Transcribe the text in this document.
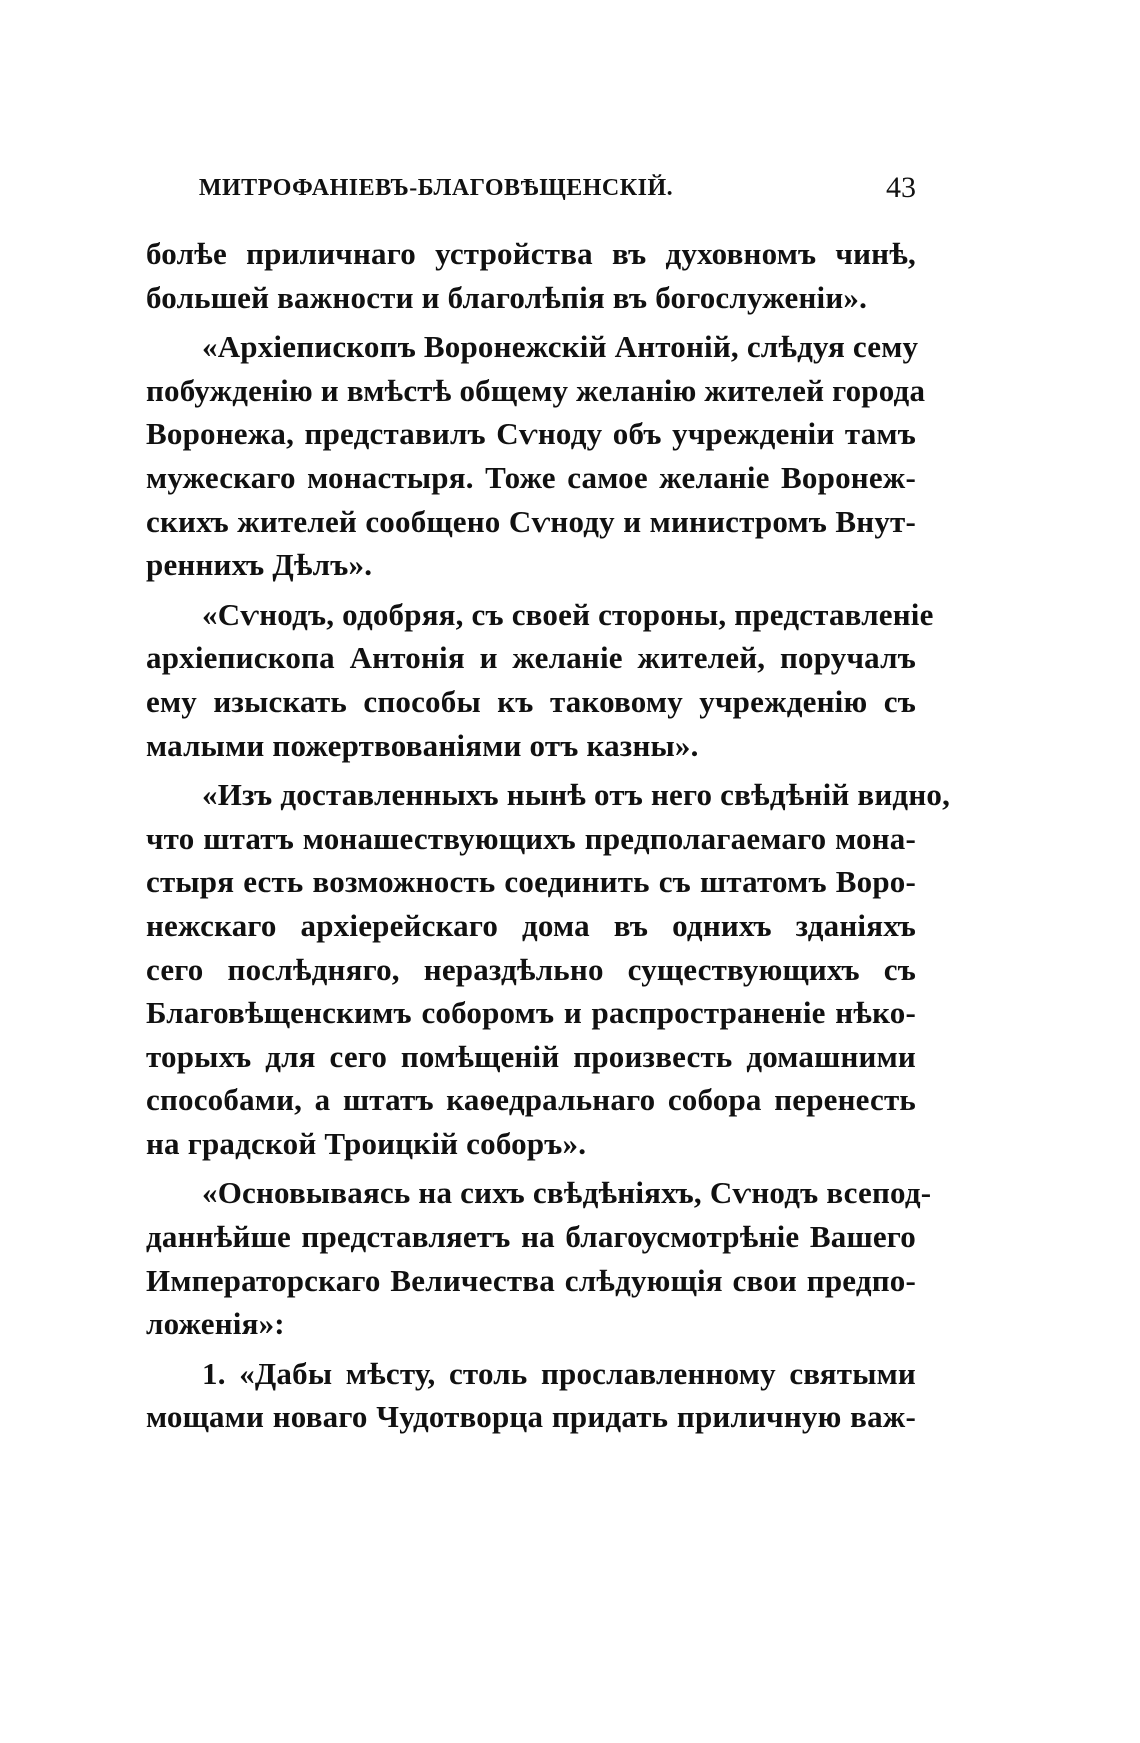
МИТРОФАНІЕВЪ-БЛАГОВѢЩЕНСКІЙ.	43
болѣе приличнаго устройства въ духовномъ чинѣ,
большей важности и благолѣпія въ богослуженіи».
«Архіепископъ Воронежскій Антоній, слѣдуя сему
побужденію и вмѣстѣ общему желанію жителей города
Воронежа, представилъ Сѵноду объ учрежденіи тамъ
мужескаго монастыря. Тоже самое желаніе Воронеж-
скихъ жителей сообщено Сѵноду и министромъ Внут-
реннихъ Дѣлъ».
«Сѵнодъ, одобряя, съ своей стороны, представленіе
архіепископа Антонія и желаніе жителей, поручалъ
ему изыскать способы къ таковому учрежденію съ
малыми пожертвованіями отъ казны».
«Изъ доставленныхъ нынѣ отъ него свѣдѣній видно,
что штатъ монашествующихъ предполагаемаго мона-
стыря есть возможность соединить съ штатомъ Воро-
нежскаго архіерейскаго дома въ однихъ зданіяхъ
сего послѣдняго, нераздѣльно существующихъ съ
Благовѣщенскимъ соборомъ и распространеніе нѣко-
торыхъ для сего помѣщеній произвесть домашними
способами, а штатъ каѳедральнаго собора перенесть
на градской Троицкій соборъ».
«Основываясь на сихъ свѣдѣніяхъ, Сѵнодъ всепод-
даннѣйше представляетъ на благоусмотрѣніе Вашего
Императорскаго Величества слѣдующія свои предпо-
ложенія»:
1. «Дабы мѣсту, столь прославленному святыми
мощами новаго Чудотворца придать приличную важ-
